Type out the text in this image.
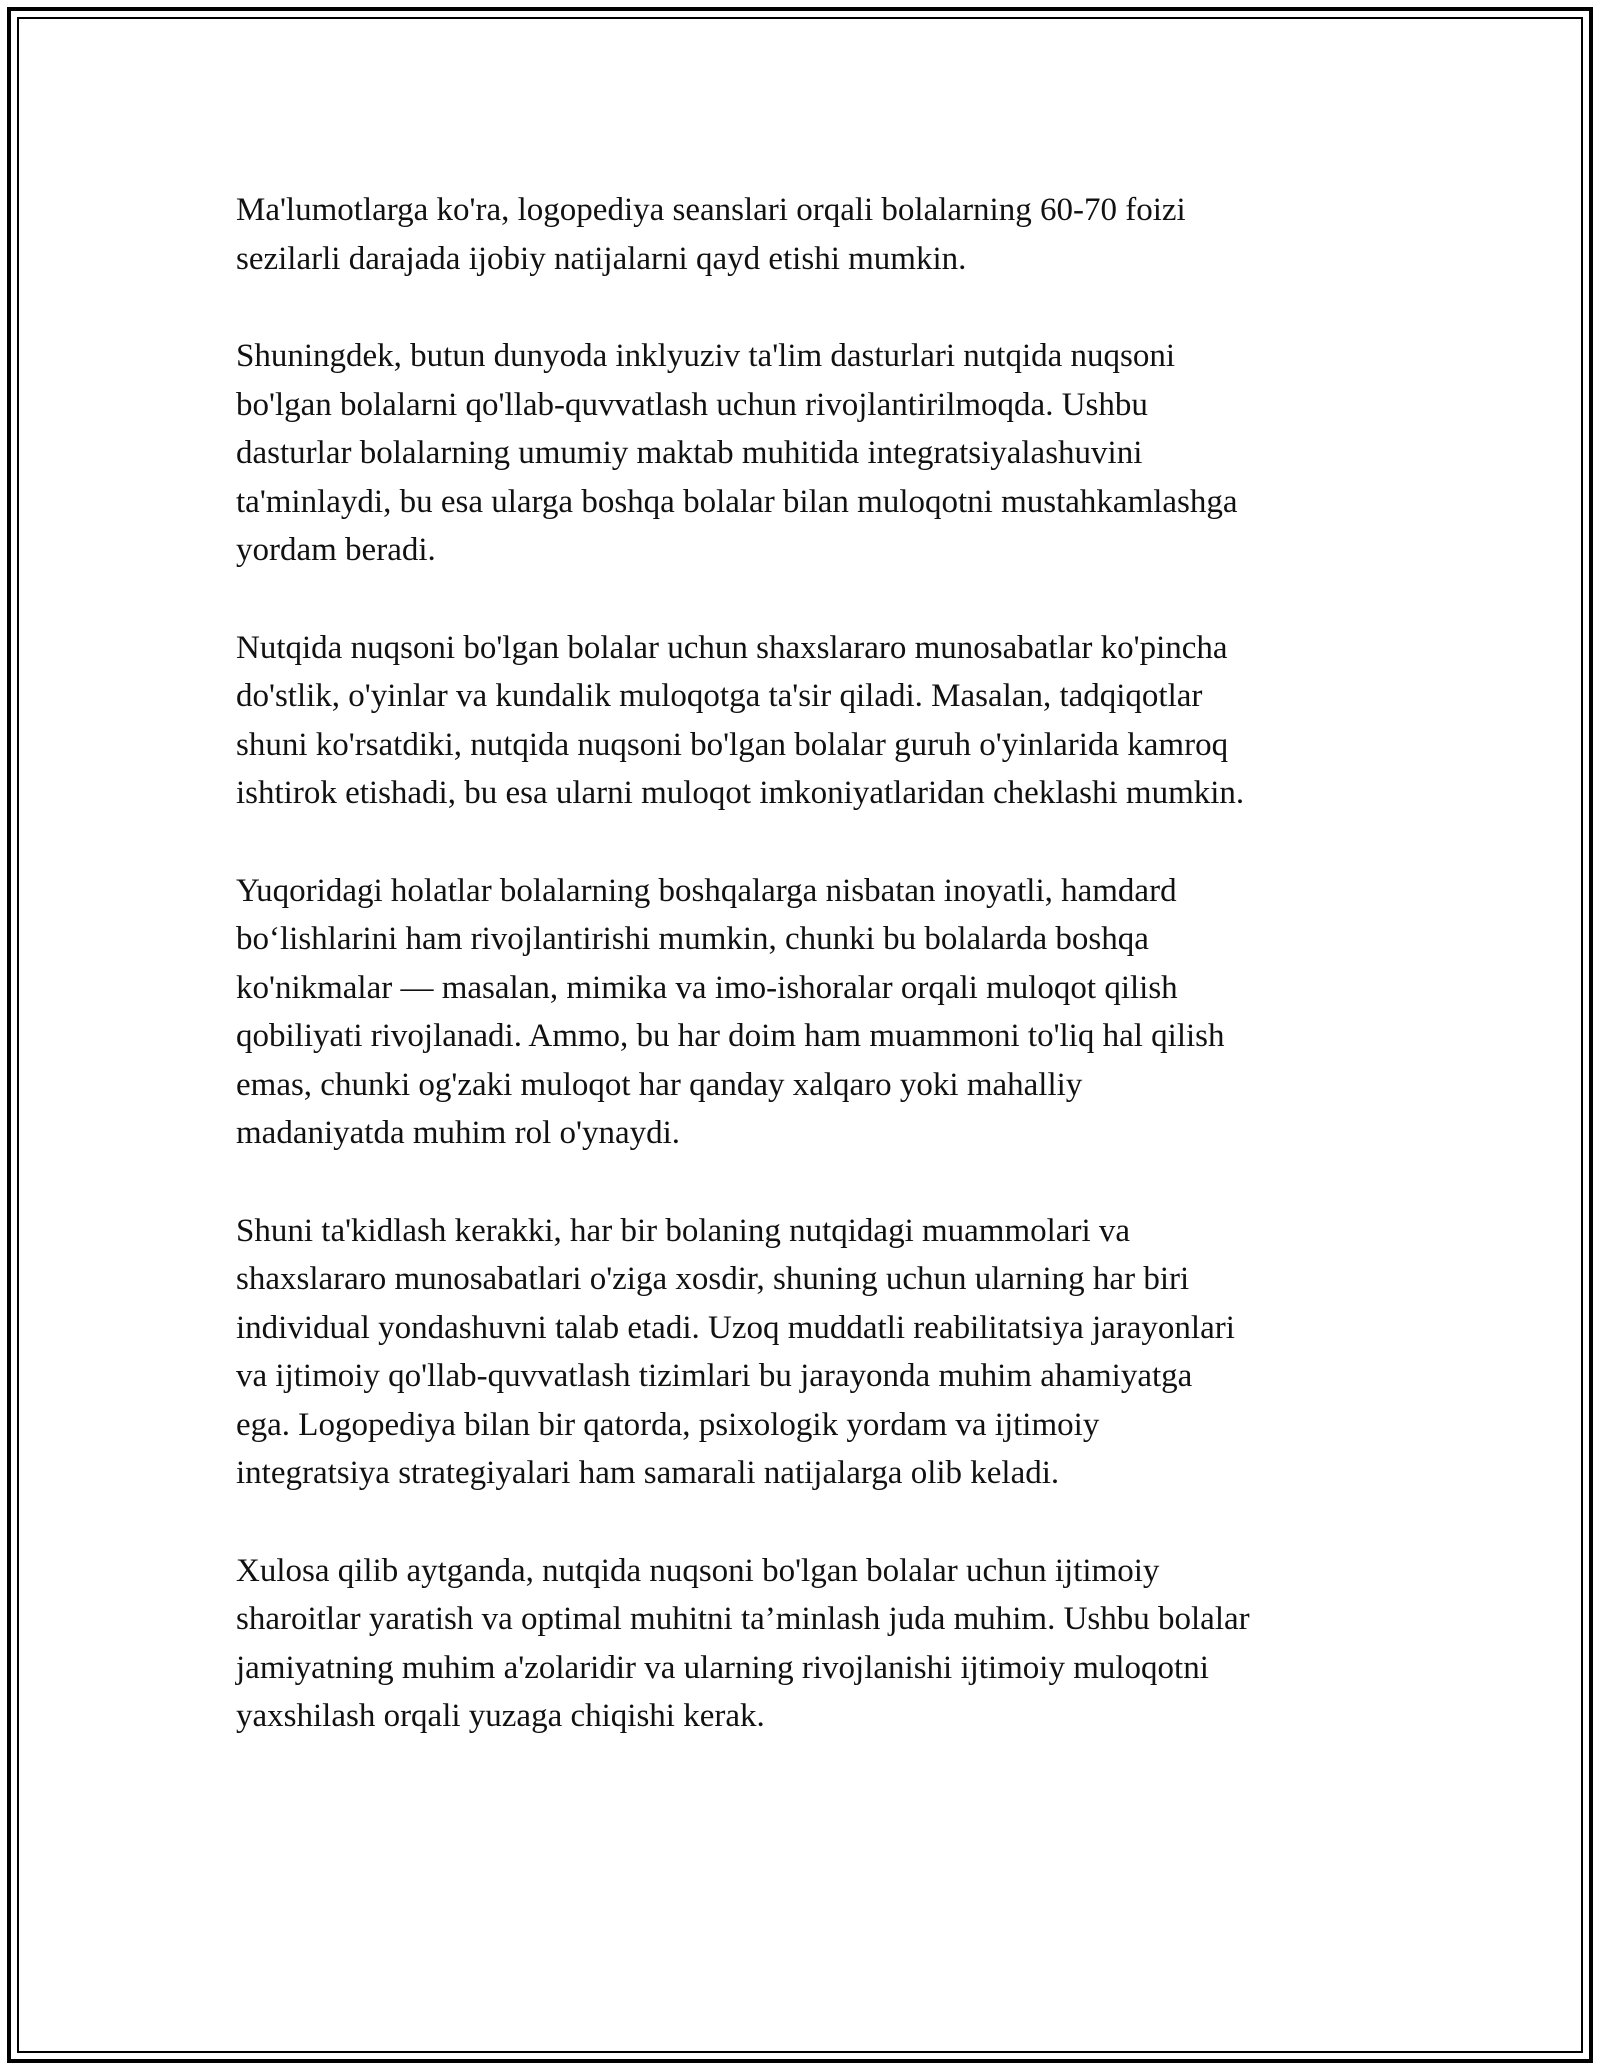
Ma'lumotlarga ko'ra, logopediya seanslari orqali bolalarning 60-70 foizi
sezilarli darajada ijobiy natijalarni qayd etishi mumkin.

Shuningdek, butun dunyoda inklyuziv ta'lim dasturlari nutqida nuqsoni
bo'lgan bolalarni qo'llab-quvvatlash uchun rivojlantirilmoqda. Ushbu
dasturlar bolalarning umumiy maktab muhitida integratsiyalashuvini
ta'minlaydi, bu esa ularga boshqa bolalar bilan muloqotni mustahkamlashga
yordam beradi.

Nutqida nuqsoni bo'lgan bolalar uchun shaxslararo munosabatlar ko'pincha
do'stlik, o'yinlar va kundalik muloqotga ta'sir qiladi. Masalan, tadqiqotlar
shuni ko'rsatdiki, nutqida nuqsoni bo'lgan bolalar guruh o'yinlarida kamroq
ishtirok etishadi, bu esa ularni muloqot imkoniyatlaridan cheklashi mumkin.

Yuqoridagi holatlar bolalarning boshqalarga nisbatan inoyatli, hamdard
bo‘lishlarini ham rivojlantirishi mumkin, chunki bu bolalarda boshqa
ko'nikmalar — masalan, mimika va imo-ishoralar orqali muloqot qilish
qobiliyati rivojlanadi. Ammo, bu har doim ham muammoni to'liq hal qilish
emas, chunki og'zaki muloqot har qanday xalqaro yoki mahalliy
madaniyatda muhim rol o'ynaydi.

Shuni ta'kidlash kerakki, har bir bolaning nutqidagi muammolari va
shaxslararo munosabatlari o'ziga xosdir, shuning uchun ularning har biri
individual yondashuvni talab etadi. Uzoq muddatli reabilitatsiya jarayonlari
va ijtimoiy qo'llab-quvvatlash tizimlari bu jarayonda muhim ahamiyatga
ega. Logopediya bilan bir qatorda, psixologik yordam va ijtimoiy
integratsiya strategiyalari ham samarali natijalarga olib keladi.

Xulosa qilib aytganda, nutqida nuqsoni bo'lgan bolalar uchun ijtimoiy
sharoitlar yaratish va optimal muhitni ta’minlash juda muhim. Ushbu bolalar
jamiyatning muhim a'zolaridir va ularning rivojlanishi ijtimoiy muloqotni
yaxshilash orqali yuzaga chiqishi kerak.
